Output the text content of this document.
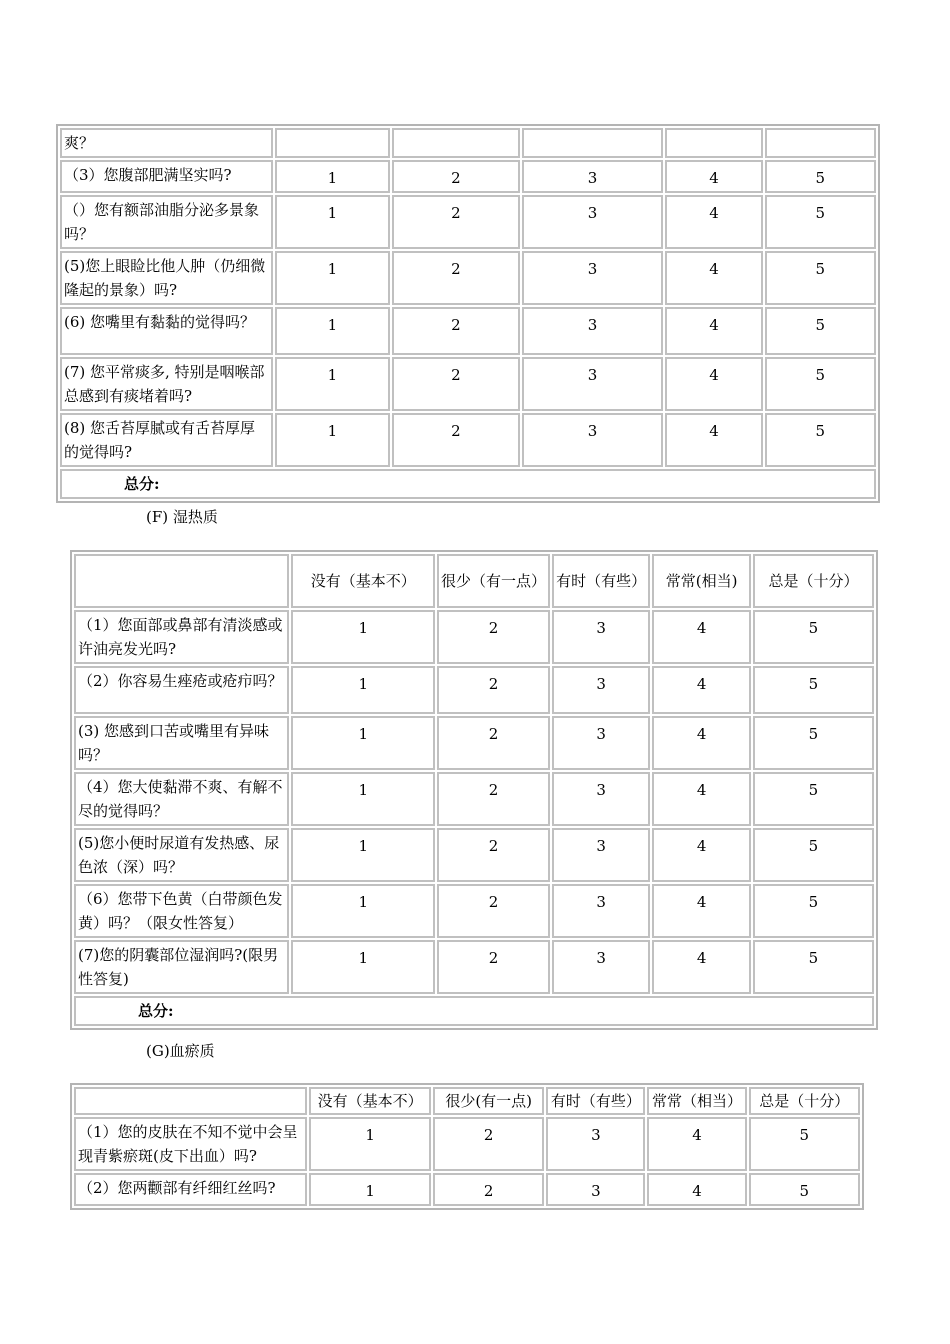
爽？					
（3）您腹部肥满坚实吗?	1	2	3	4	5
（）您有额部油脂分泌多景象吗？	1	2	3	4	5
(5)您上眼睑比他人肿（仍细微隆起的景象）吗?	1	2	3	4	5
(6) 您嘴里有黏黏的觉得吗？	1	2	3	4	5
(7) 您平常痰多, 特别是咽喉部总感到有痰堵着吗?	1	2	3	4	5
(8) 您舌苔厚腻或有舌苔厚厚的觉得吗?	1	2	3	4	5
总分:					
(F) 湿热质
	没有（基本不）	很少（有一点）	有时（有些）	常常(相当)	总是（十分）
（1）您面部或鼻部有清淡感或许油亮发光吗?	1	2	3	4	5
（2）你容易生痤疮或疮疖吗？	1	2	3	4	5
(3) 您感到口苦或嘴里有异味吗？	1	2	3	4	5
（4）您大使黏滞不爽、有解不尽的觉得吗？	1	2	3	4	5
(5)您小便时尿道有发热感、尿色浓（深）吗？	1	2	3	4	5
（6）您带下色黄（白带颜色发黄）吗？（限女性答复）	1	2	3	4	5
(7)您的阴囊部位湿润吗?(限男性答复)	1	2	3	4	5
总分:					
(G)血瘀质
	没有（基本不）	很少(有一点)	有时（有些）	常常（相当）	总是（十分）
（1）您的皮肤在不知不觉中会呈现青紫瘀斑(皮下出血）吗?	1	2	3	4	5
（2）您两颧部有纤细红丝吗?	1	2	3	4	5
